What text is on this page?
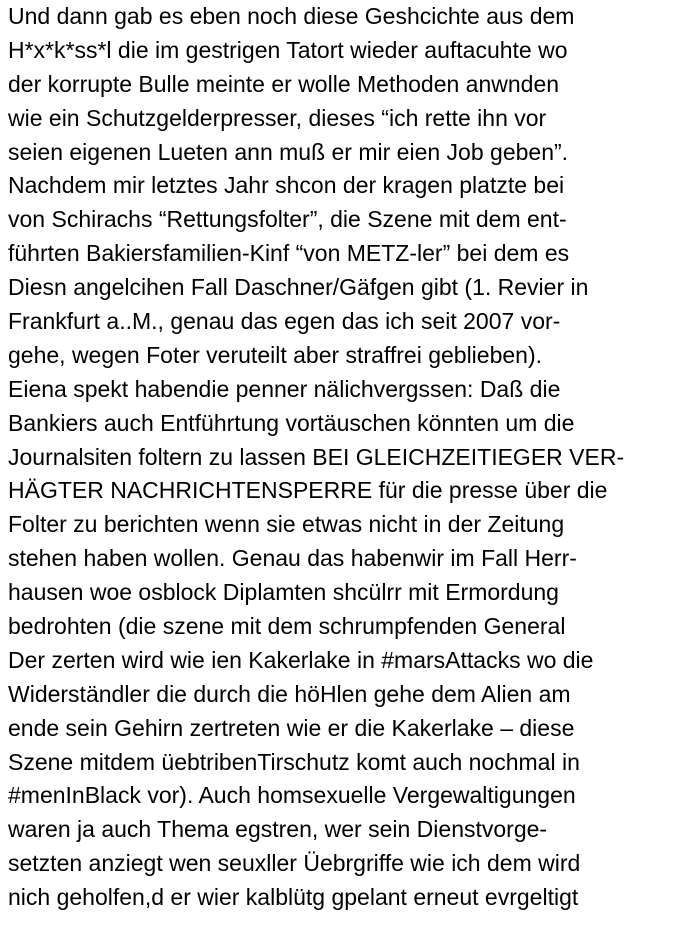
Und dann gab es eben noch diese Geshcichte aus dem
H*x*k*ss*l die im gestrigen Tatort wieder auftacuhte wo
der korrupte Bulle meinte er wolle Methoden anwnden
wie ein Schutzgelderpresser, dieses “ich rette ihn vor
seien eigenen Lueten ann muß er mir eien Job geben”.
Nachdem mir letztes Jahr shcon der kragen platzte bei
von Schirachs “Rettungsfolter”, die Szene mit dem ent-
führten Bakiersfamilien-Kinf “von METZ-ler” bei dem es
Diesn angelcihen Fall Daschner/Gäfgen gibt (1. Revier in
Frankfurt a..M., genau das egen das ich seit 2007 vor-
gehe, wegen Foter veruteilt aber straffrei geblieben).
Eiena spekt habendie penner nälichvergssen: Daß die
Bankiers auch Entführtung vortäuschen könnten um die
Journalsiten foltern zu lassen BEI GLEICHZEITIEGER VER-
HÄGTER NACHRICHTENSPERRE für die presse über die
Folter zu berichten wenn sie etwas nicht in der Zeitung
stehen haben wollen. Genau das habenwir im Fall Herr-
hausen woe osblock Diplamten shcülrr mit Ermordung
bedrohten (die szene mit dem schrumpfenden General
Der zerten wird wie ien Kakerlake in #marsAttacks wo die
Widerständler die durch die höHlen gehe dem Alien am
ende sein Gehirn zertreten wie er die Kakerlake – diese
Szene mitdem üebtribenTirschutz komt auch nochmal in
#menInBlack vor). Auch homsexuelle Vergewaltigungen
waren ja auch Thema egstren, wer sein Dienstvorge-
setzten anziegt wen seuxller Üebrgriffe wie ich dem wird
nich geholfen,d er wier kalblütg gpelant erneut evrgeltigt
